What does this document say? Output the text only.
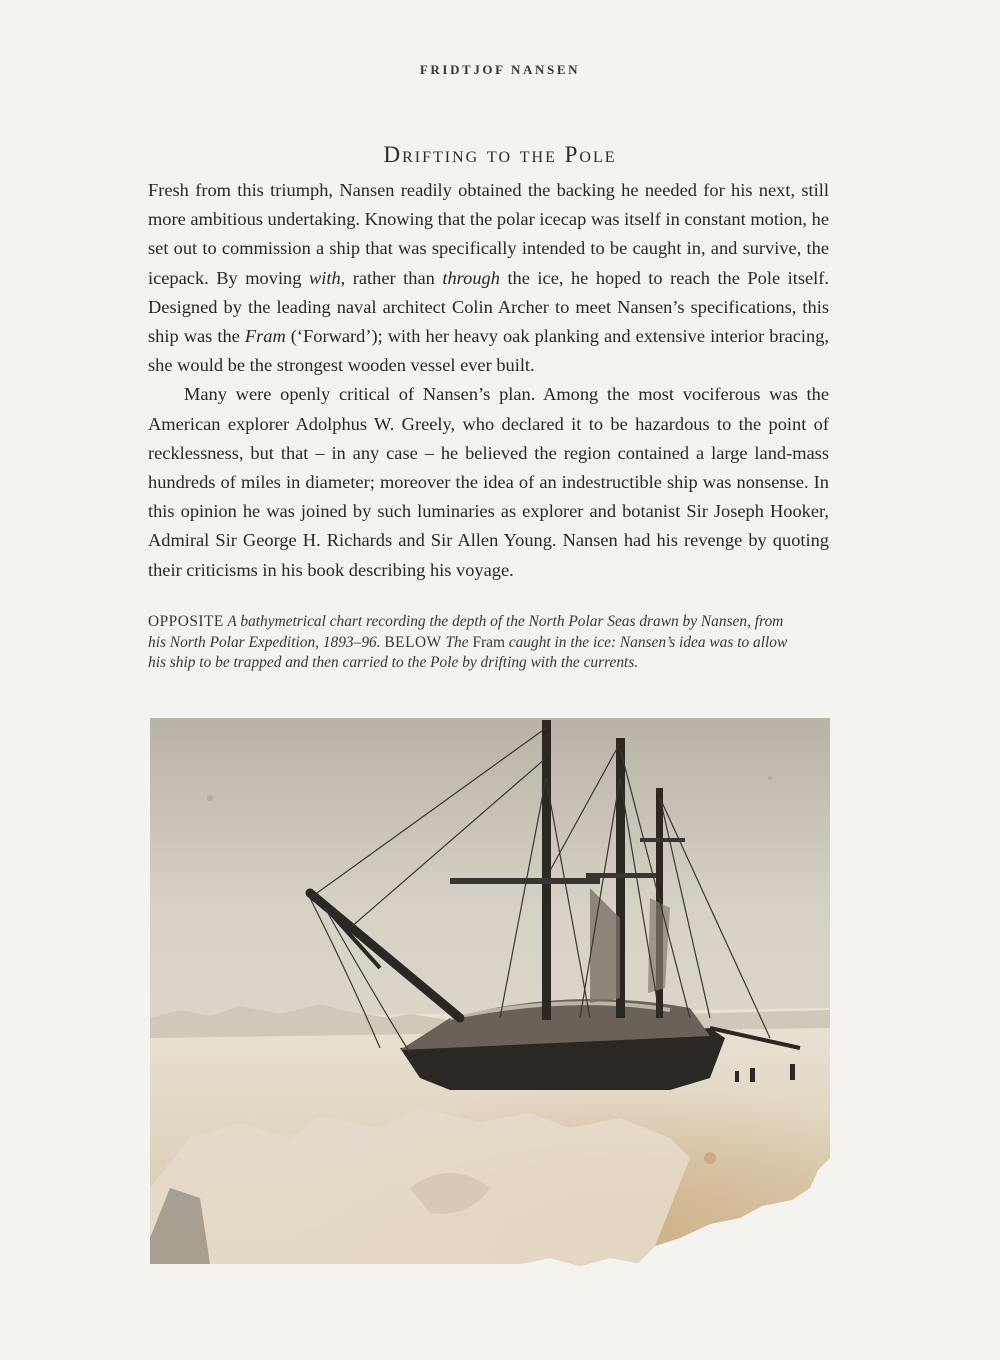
FRIDTJOF NANSEN
Drifting to the Pole

Fresh from this triumph, Nansen readily obtained the backing he needed for his next, still more ambitious undertaking. Knowing that the polar icecap was itself in constant motion, he set out to commission a ship that was specifically intended to be caught in, and survive, the icepack. By moving with, rather than through the ice, he hoped to reach the Pole itself. Designed by the leading naval architect Colin Archer to meet Nansen’s specifications, this ship was the Fram (‘Forward’); with her heavy oak planking and extensive interior bracing, she would be the strongest wooden vessel ever built.

Many were openly critical of Nansen’s plan. Among the most vociferous was the American explorer Adolphus W. Greely, who declared it to be hazardous to the point of recklessness, but that – in any case – he believed the region contained a large land-mass hundreds of miles in diameter; moreover the idea of an indestructible ship was nonsense. In this opinion he was joined by such luminaries as explorer and botanist Sir Joseph Hooker, Admiral Sir George H. Richards and Sir Allen Young. Nansen had his revenge by quoting their criticisms in his book describing his voyage.

OPPOSITE A bathymetrical chart recording the depth of the North Polar Seas drawn by Nansen, from his North Polar Expedition, 1893–96. BELOW The Fram caught in the ice: Nansen’s idea was to allow his ship to be trapped and then carried to the Pole by drifting with the currents.
